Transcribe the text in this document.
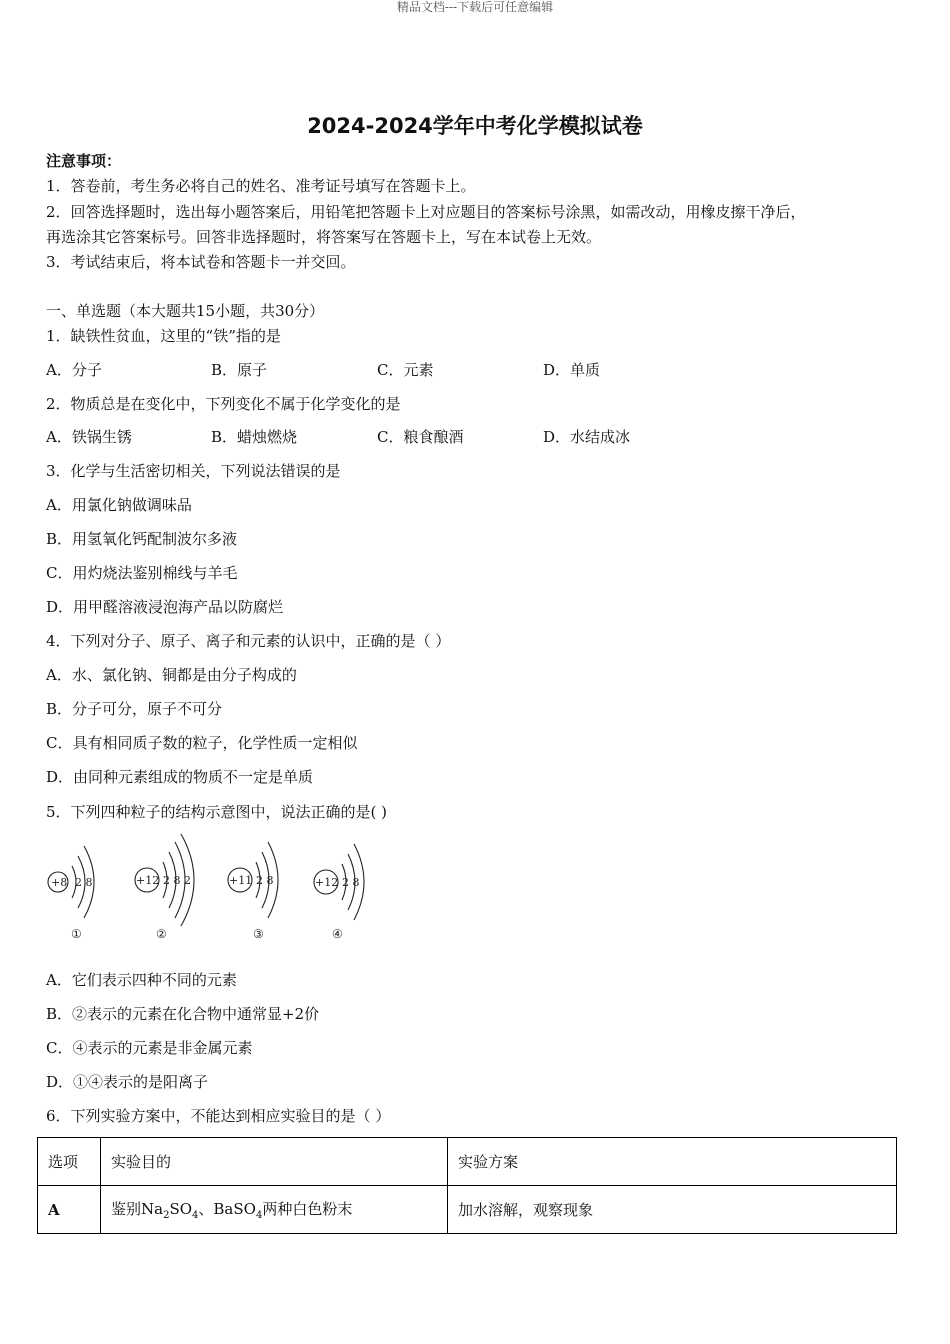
精品文档---下载后可任意编辑
2024-2024学年中考化学模拟试卷
注意事项：
1．答卷前，考生务必将自己的姓名、准考证号填写在答题卡上。
2．回答选择题时，选出每小题答案后，用铅笔把答题卡上对应题目的答案标号涂黑，如需改动，用橡皮擦干净后，
再选涂其它答案标号。回答非选择题时，将答案写在答题卡上，写在本试卷上无效。
3．考试结束后，将本试卷和答题卡一并交回。
一、单选题（本大题共15小题，共30分）
1．缺铁性贫血，这里的“铁”指的是
A．分子	B．原子	C．元素	D．单质
2．物质总是在变化中，下列变化不属于化学变化的是
A．铁锅生锈	B．蜡烛燃烧	C．粮食酿酒	D．水结成冰
3．化学与生活密切相关，下列说法错误的是
A．用氯化钠做调味品
B．用氢氧化钙配制波尔多液
C．用灼烧法鉴别棉线与羊毛
D．用甲醛溶液浸泡海产品以防腐烂
4．下列对分子、原子、离子和元素的认识中，正确的是（ ）
A．水、氯化钠、铜都是由分子构成的
B．分子可分，原子不可分
C．具有相同质子数的粒子，化学性质一定相似
D．由同种元素组成的物质不一定是单质
5．下列四种粒子的结构示意图中，说法正确的是( )
+8 2 8
①
+12 2 8 2
②
+11 2 8
③
+12 2 8
④
A．它们表示四种不同的元素
B．②表示的元素在化合物中通常显+2价
C．④表示的元素是非金属元素
D．①④表示的是阳离子
6．下列实验方案中，不能达到相应实验目的是（ ）
选项	实验目的	实验方案
A	鉴别$Na_2SO_4$、BaSO$_4$两种白色粉末	加水溶解，观察现象
